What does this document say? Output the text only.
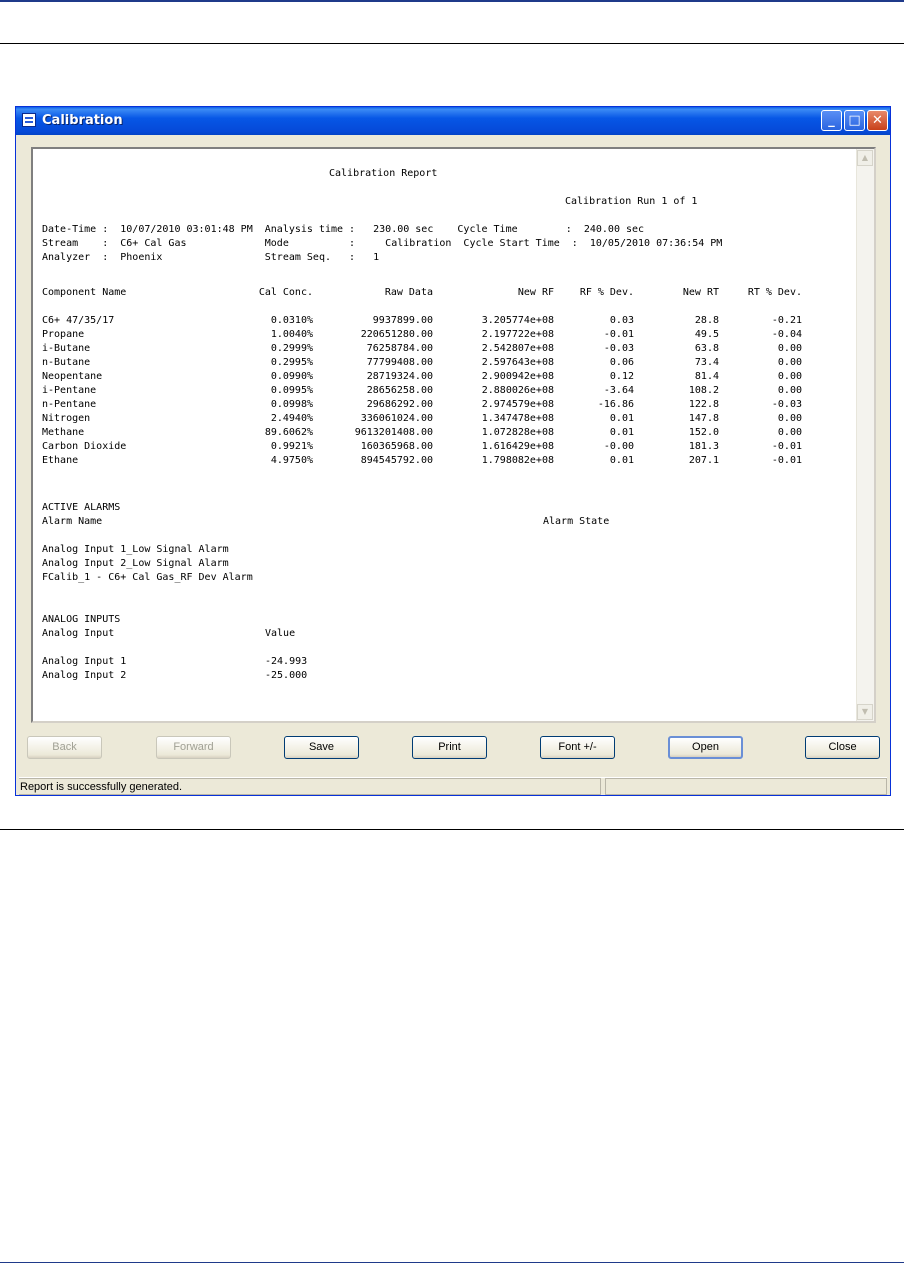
Calibration	_	□ ✕
Calibration Report
Calibration Run 1 of 1
Date-Time :  10/07/2010 03:01:48 PM  Analysis time :   230.00 sec    Cycle Time        :  240.00 sec
Stream    :  C6+ Cal Gas             Mode          :     Calibration  Cycle Start Time  :  10/05/2010 07:36:54 PM
Analyzer  :  Phoenix                 Stream Seq.   :   1
Component Name	Cal Conc.	Raw Data	New RF	RF % Dev.	New RT	RT % Dev.
C6+ 47/35/17	0.0310%	9937899.00	3.205774e+08	0.03	28.8	-0.21
Propane	1.0040%	220651280.00	2.197722e+08	-0.01	49.5	-0.04
i-Butane	0.2999%	76258784.00	2.542807e+08	-0.03	63.8	0.00
n-Butane	0.2995%	77799408.00	2.597643e+08	0.06	73.4	0.00
Neopentane	0.0990%	28719324.00	2.900942e+08	0.12	81.4	0.00
i-Pentane	0.0995%	28656258.00	2.880026e+08	-3.64	108.2	0.00
n-Pentane	0.0998%	29686292.00	2.974579e+08	-16.86	122.8	-0.03
Nitrogen	2.4940%	336061024.00	1.347478e+08	0.01	147.8	0.00
Methane	89.6062%	9613201408.00	1.072828e+08	0.01	152.0	0.00
Carbon Dioxide	0.9921%	160365968.00	1.616429e+08	-0.00	181.3	-0.01
Ethane	4.9750%	894545792.00	1.798082e+08	0.01	207.1	-0.01
ACTIVE ALARMS
Alarm Name	Alarm State
Analog Input 1_Low Signal Alarm
Analog Input 2_Low Signal Alarm
FCalib_1 - C6+ Cal Gas_RF Dev Alarm
ANALOG INPUTS
Analog Input	Value
Analog Input 1	-24.993
Analog Input 2	-25.000
▲
▼
Back	Forward	Save	Print	Font +/-	Open	Close
Report is successfully generated.
